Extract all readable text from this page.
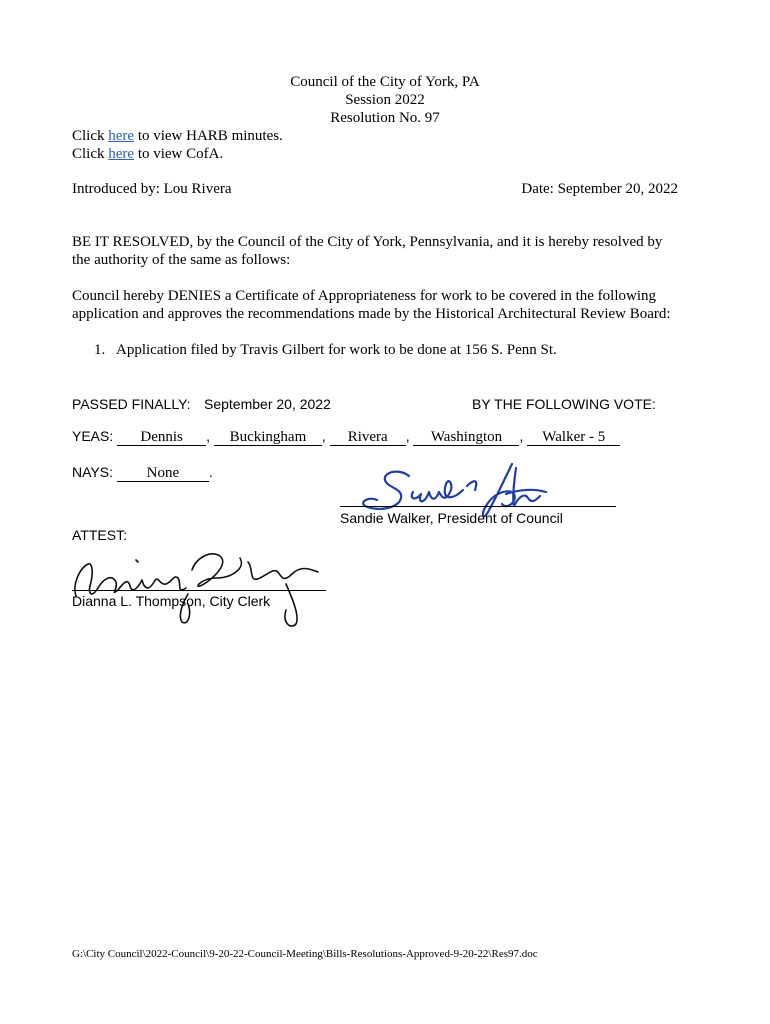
Council of the City of York, PA
Session 2022
Resolution No. 97
Click here to view HARB minutes.
Click here to view CofA.
Introduced by: Lou Rivera	Date: September 20, 2022
BE IT RESOLVED, by the Council of the City of York, Pennsylvania, and it is hereby resolved by
the authority of the same as follows:
Council hereby DENIES a Certificate of Appropriateness for work to be covered in the following
application and approves the recommendations made by the Historical Architectural Review Board:
1. Application filed by Travis Gilbert for work to be done at 156 S. Penn St.
PASSED FINALLY: September 20, 2022	BY THE FOLLOWING VOTE:
YEAS: Dennis , Buckingham , Rivera , Washington , Walker - 5
NAYS: None .
Sandie Walker, President of Council
ATTEST:
Dianna L. Thompson, City Clerk
G:\City Council\2022-Council\9-20-22-Council-Meeting\Bills-Resolutions-Approved-9-20-22\Res97.doc
